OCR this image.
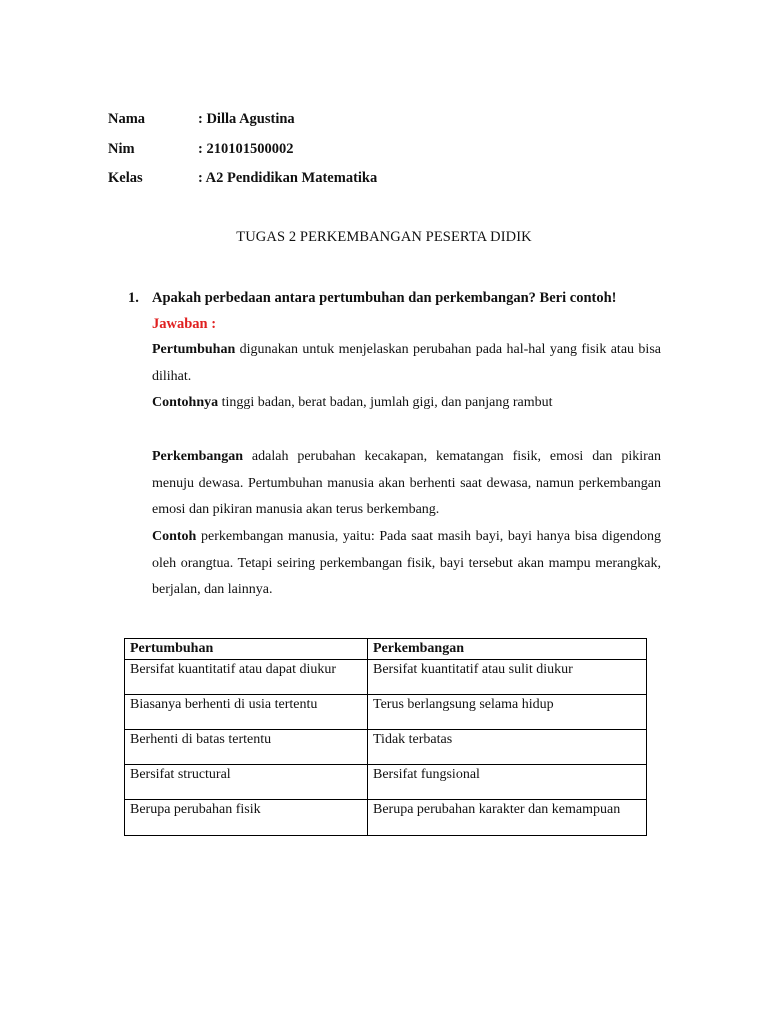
Nama	: Dilla Agustina
Nim	: 210101500002
Kelas	: A2 Pendidikan Matematika
TUGAS 2 PERKEMBANGAN PESERTA DIDIK
1. Apakah perbedaan antara pertumbuhan dan perkembangan? Beri contoh!
Jawaban :
Pertumbuhan digunakan untuk menjelaskan perubahan pada hal-hal yang fisik atau bisa dilihat.
Contohnya tinggi badan, berat badan, jumlah gigi, dan panjang rambut
Perkembangan adalah perubahan kecakapan, kematangan fisik, emosi dan pikiran menuju dewasa. Pertumbuhan manusia akan berhenti saat dewasa, namun perkembangan emosi dan pikiran manusia akan terus berkembang.
Contoh perkembangan manusia, yaitu: Pada saat masih bayi, bayi hanya bisa digendong oleh orangtua. Tetapi seiring perkembangan fisik, bayi tersebut akan mampu merangkak, berjalan, dan lainnya.
Pertumbuhan	Perkembangan
Bersifat kuantitatif atau dapat diukur	Bersifat kuantitatif atau sulit diukur
Biasanya berhenti di usia tertentu	Terus berlangsung selama hidup
Berhenti di batas tertentu	Tidak terbatas
Bersifat structural	Bersifat fungsional
Berupa perubahan fisik	Berupa perubahan karakter dan kemampuan
